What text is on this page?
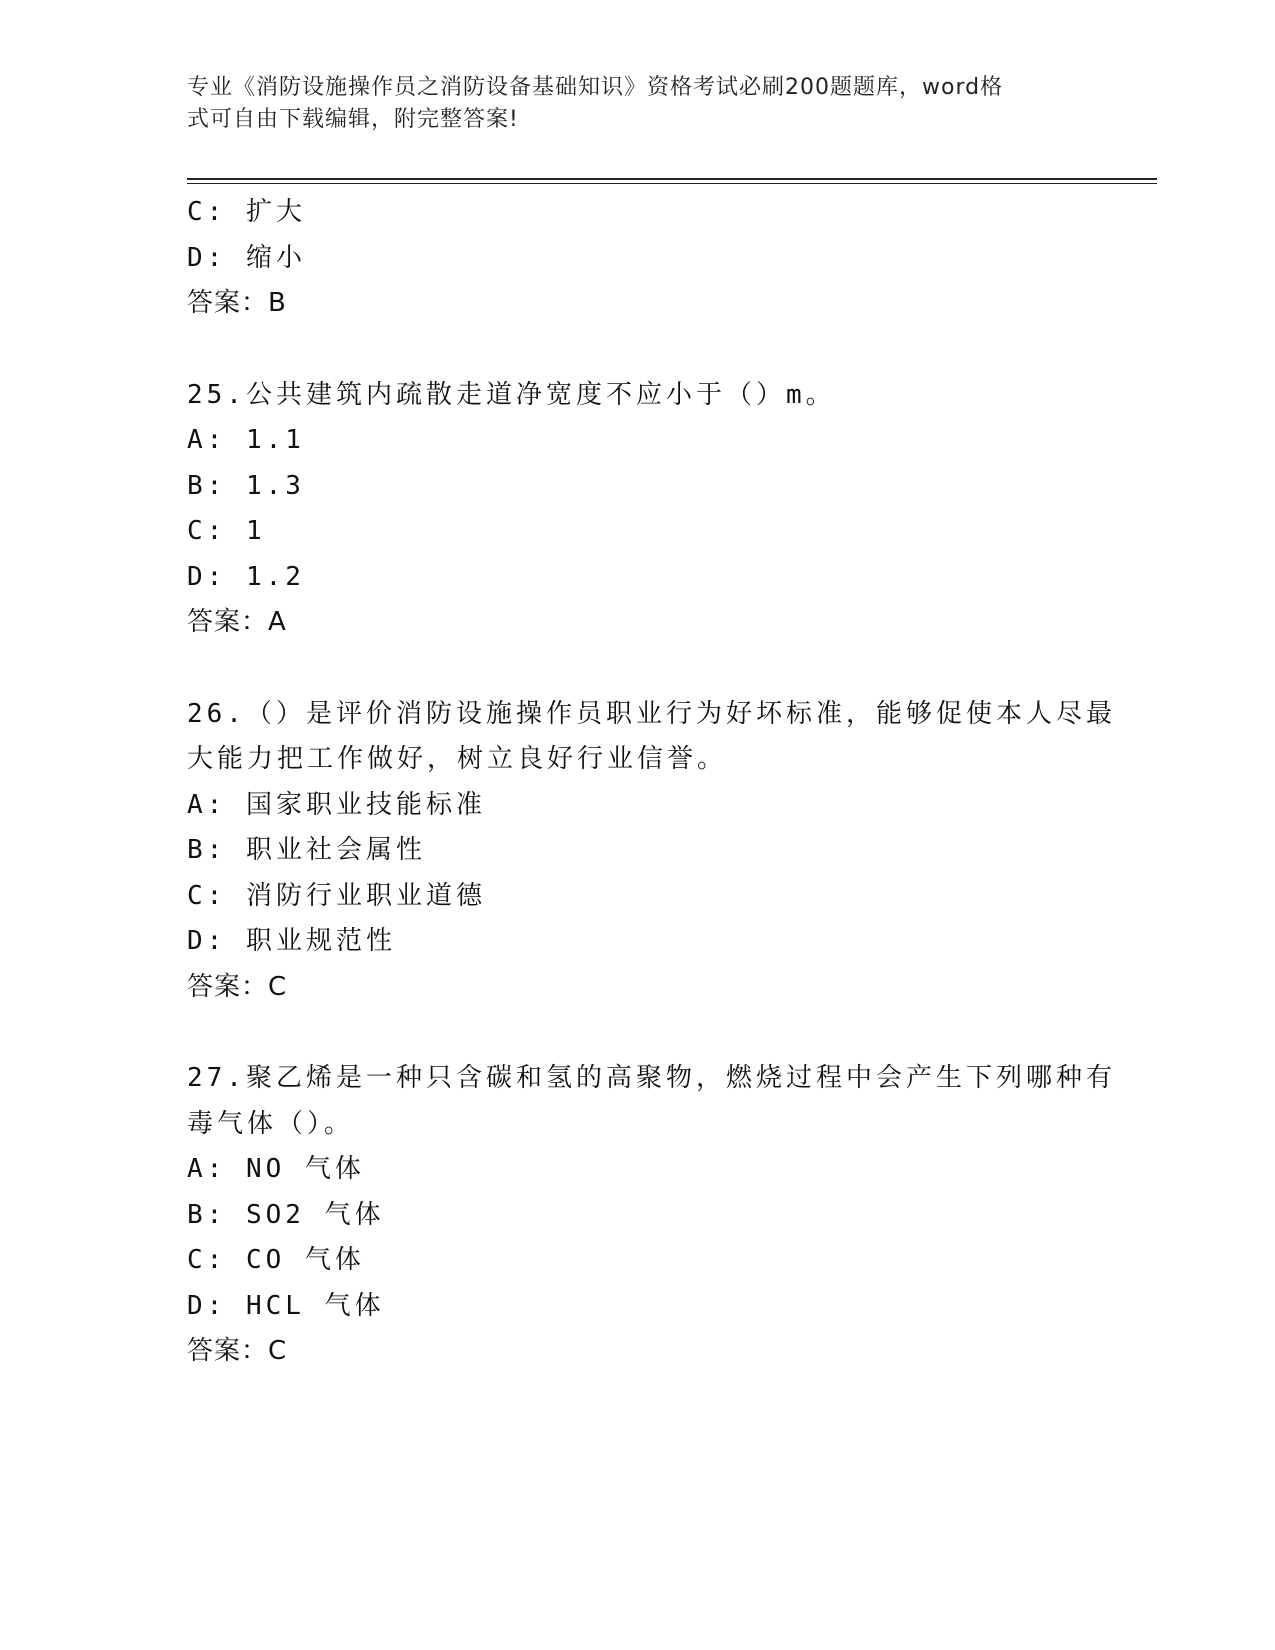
专业《消防设施操作员之消防设备基础知识》资格考试必刷200题题库，word格
式可自由下载编辑，附完整答案!
C: 扩大
D: 缩小
答案：B
25.公共建筑内疏散走道净宽度不应小于（）m。
A: 1.1
B: 1.3
C: 1
D: 1.2
答案：A
26.（）是评价消防设施操作员职业行为好坏标准，能够促使本人尽最
大能力把工作做好，树立良好行业信誉。
A: 国家职业技能标准
B: 职业社会属性
C: 消防行业职业道德
D: 职业规范性
答案：C
27.聚乙烯是一种只含碳和氢的高聚物，燃烧过程中会产生下列哪种有
毒气体（）。
A: NO 气体
B: SO2 气体
C: CO 气体
D: HCL 气体
答案：C
